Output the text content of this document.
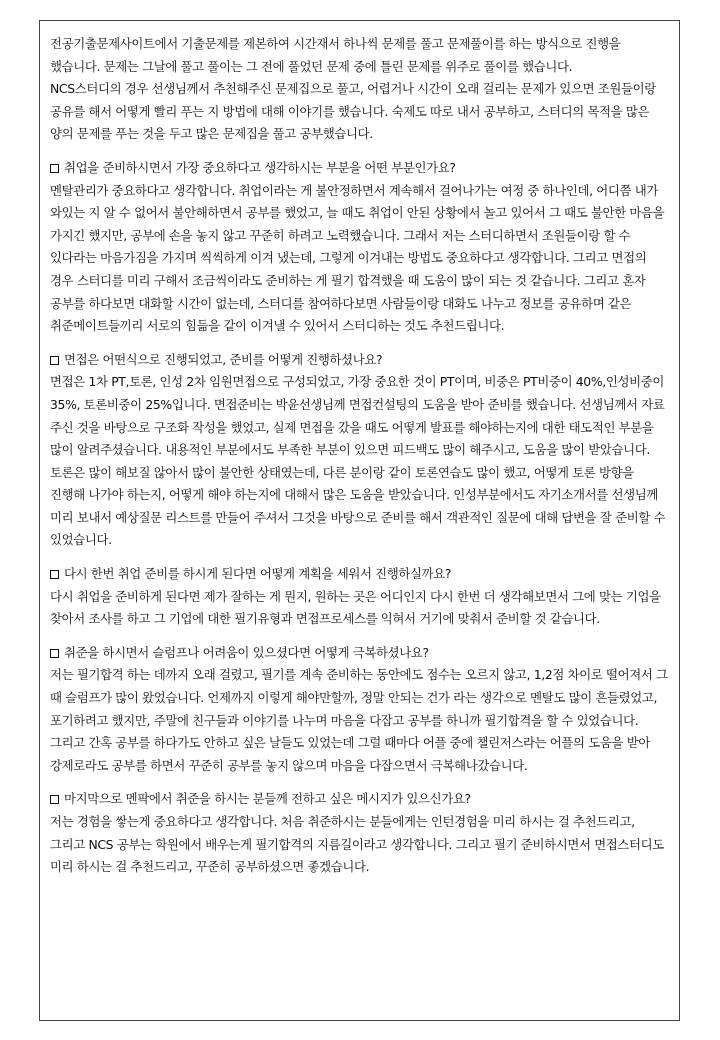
전공기출문제사이트에서 기출문제를 제본하여 시간재서 하나씩 문제를 풀고 문제풀이를 하는 방식으로 진행을 했습니다. 문제는 그날에 풀고 풀이는 그 전에 풀었던 문제 중에 틀린 문제를 위주로 풀이를 했습니다.

NCS스터디의 경우 선생님께서 추천해주신 문제집으로 풀고, 어렵거나 시간이 오래 걸리는 문제가 있으면 조원들이랑 공유를 해서 어떻게 빨리 푸는 지 방법에 대해 이야기를 했습니다. 숙제도 따로 내서 공부하고, 스터디의 목적을 많은 양의 문제를 푸는 것을 두고 많은 문제집을 풀고 공부했습니다.

취업을 준비하시면서 가장 중요하다고 생각하시는 부분을 어떤 부분인가요?

멘탈관리가 중요하다고 생각합니다. 취업이라는 게 불안정하면서 계속해서 걸어나가는 여정 중 하나인데, 어디쯤 내가 와있는 지 알 수 없어서 불안해하면서 공부를 했었고, 늘 때도 취업이 안된 상황에서 놀고 있어서 그 때도 불안한 마음을 가지긴 했지만, 공부에 손을 놓지 않고 꾸준히 하려고 노력했습니다. 그래서 저는 스터디하면서 조원들이랑 할 수 있다라는 마음가짐을 가지며 씩씩하게 이겨 냈는데, 그렇게 이겨내는 방법도 중요하다고 생각합니다. 그리고 면접의 경우 스터디를 미리 구해서 조금씩이라도 준비하는 게 필기 합격했을 때 도움이 많이 되는 것 같습니다. 그리고 혼자 공부를 하다보면 대화할 시간이 없는데, 스터디를 참여하다보면 사람들이랑 대화도 나누고 정보를 공유하며 같은 취준메이트들끼리 서로의 힘듦을 같이 이겨낼 수 있어서 스터디하는 것도 추천드립니다.

면접은 어떤식으로 진행되었고, 준비를 어떻게 진행하셨나요?

면접은 1차 PT,토론, 인성 2차 임원면접으로 구성되었고, 가장 중요한 것이 PT이며, 비중은 PT비중이 40%,인성비중이 35%, 토론비중이 25%입니다. 면접준비는 박윤선생님께 면접컨설팅의 도움을 받아 준비를 했습니다. 선생님께서 자료 주신 것을 바탕으로 구조화 작성을 했었고, 실제 면접을 갔을 때도 어떻게 발표를 해야하는지에 대한 태도적인 부분을 많이 알려주셨습니다. 내용적인 부분에서도 부족한 부분이 있으면 피드백도 많이 해주시고, 도움을 많이 받았습니다. 토론은 많이 해보질 않아서 많이 불안한 상태였는데, 다른 분이랑 같이 토론연습도 많이 했고, 어떻게 토론 방향을 진행해 나가야 하는지, 어떻게 해야 하는지에 대해서 많은 도움을 받았습니다. 인성부분에서도 자기소개서를 선생님께 미리 보내서 예상질문 리스트를 만들어 주셔서 그것을 바탕으로 준비를 해서 객관적인 질문에 대해 답변을 잘 준비할 수 있었습니다.

다시 한번 취업 준비를 하시게 된다면 어떻게 계획을 세워서 진행하실까요?

다시 취업을 준비하게 된다면 제가 잘하는 게 뭔지, 원하는 곳은 어디인지 다시 한번 더 생각해보면서 그에 맞는 기업을 찾아서 조사를 하고 그 기업에 대한 필기유형과 면접프로세스를 익혀서 거기에 맞춰서 준비할 것 같습니다.

취준을 하시면서 슬럼프나 어려움이 있으셨다면 어떻게 극복하셨나요?

저는 필기합격 하는 데까지 오래 걸렸고, 필기를 계속 준비하는 동안에도 점수는 오르지 않고, 1,2점 차이로 떨어져서 그 때 슬럼프가 많이 왔었습니다. 언제까지 이렇게 해야만할까, 정말 안되는 건가 라는 생각으로 멘탈도 많이 흔들렸었고, 포기하려고 했지만, 주말에 친구들과 이야기를 나누며 마음을 다잡고 공부를 하니까 필기합격을 할 수 있었습니다. 그리고 간혹 공부를 하다가도 안하고 싶은 날들도 있었는데 그럴 때마다 어플 중에 챌린저스라는 어플의 도움을 받아 강제로라도 공부를 하면서 꾸준히 공부를 놓지 않으며 마음을 다잡으면서 극복해나갔습니다.

마지막으로 멘팍에서 취준을 하시는 분들께 전하고 싶은 메시지가 있으신가요?

저는 경험을 쌓는게 중요하다고 생각합니다. 처음 취준하시는 분들에게는 인턴경험을 미리 하시는 걸 추천드리고, 그리고 NCS 공부는 학원에서 배우는게 필기합격의 지름길이라고 생각합니다. 그리고 필기 준비하시면서 면접스터디도 미리 하시는 걸 추천드리고, 꾸준히 공부하셨으면 좋겠습니다.
